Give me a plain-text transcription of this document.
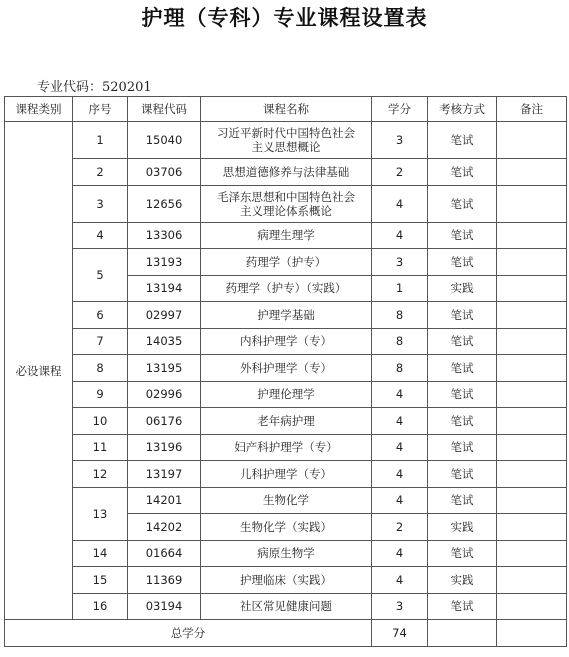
护理（专科）专业课程设置表
专业代码：520201
课程类别	序号	课程代码	课程名称	学分	考核方式	备注
必设课程	1	15040	习近平新时代中国特色社会
主义思想概论	3	笔试	
	2	03706	思想道德修养与法律基础	2	笔试	
	3	12656	毛泽东思想和中国特色社会
主义理论体系概论	4	笔试	
	4	13306	病理生理学	4	笔试	
	5	13193	药理学（护专）	3	笔试	
		13194	药理学（护专）（实践）	1	实践	
	6	02997	护理学基础	8	笔试	
	7	14035	内科护理学（专）	8	笔试	
	8	13195	外科护理学（专）	8	笔试	
	9	02996	护理伦理学	4	笔试	
	10	06176	老年病护理	4	笔试	
	11	13196	妇产科护理学（专）	4	笔试	
	12	13197	儿科护理学（专）	4	笔试	
	13	14201	生物化学	4	笔试	
		14202	生物化学（实践）	2	实践	
	14	01664	病原生物学	4	笔试	
	15	11369	护理临床（实践）	4	实践	
	16	03194	社区常见健康问题	3	笔试	
总学分				74		
